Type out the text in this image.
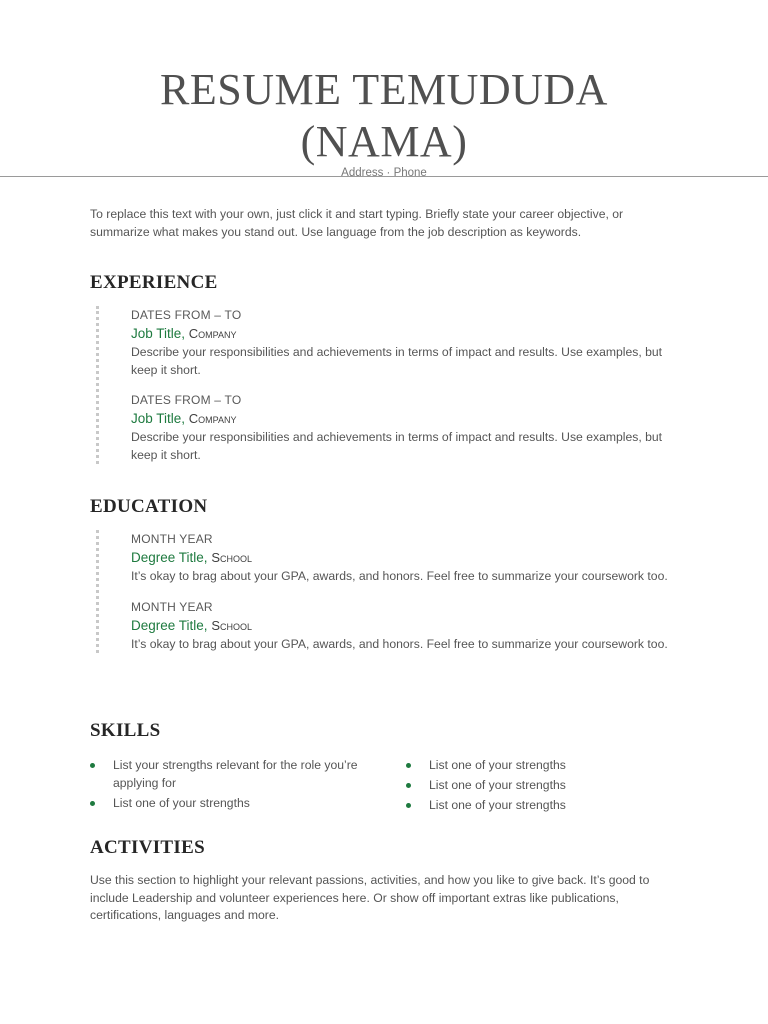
RESUME TEMUDUDA
(NAMA)
Address · Phone
To replace this text with your own, just click it and start typing. Briefly state your career objective, or summarize what makes you stand out. Use language from the job description as keywords.
EXPERIENCE
DATES FROM – TO
Job Title, Company
Describe your responsibilities and achievements in terms of impact and results. Use examples, but keep it short.
DATES FROM – TO
Job Title, Company
Describe your responsibilities and achievements in terms of impact and results. Use examples, but keep it short.
EDUCATION
MONTH YEAR
Degree Title, School
It’s okay to brag about your GPA, awards, and honors. Feel free to summarize your coursework too.
MONTH YEAR
Degree Title, School
It’s okay to brag about your GPA, awards, and honors. Feel free to summarize your coursework too.
SKILLS
List your strengths relevant for the role you’re applying for
List one of your strengths
List one of your strengths
List one of your strengths
List one of your strengths
ACTIVITIES
Use this section to highlight your relevant passions, activities, and how you like to give back. It’s good to include Leadership and volunteer experiences here. Or show off important extras like publications, certifications, languages and more.
